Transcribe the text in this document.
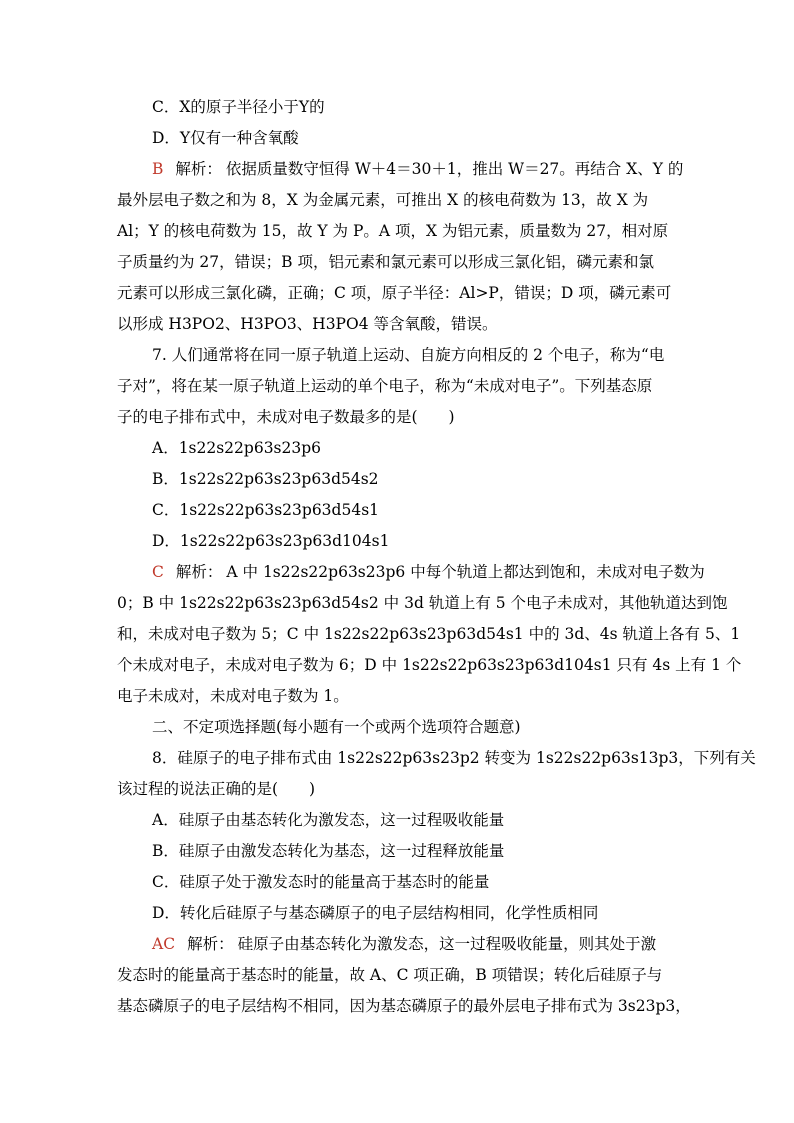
C．X的原子半径小于Y的
D．Y仅有一种含氧酸
B 解析： 依据质量数守恒得 W＋4＝30＋1，推出 W＝27。再结合 X、Y 的
最外层电子数之和为 8，X 为金属元素，可推出 X 的核电荷数为 13，故 X 为
Al；Y 的核电荷数为 15，故 Y 为 P。A 项，X 为铝元素，质量数为 27，相对原
子质量约为 27，错误；B 项，铝元素和氯元素可以形成三氯化铝，磷元素和氯
元素可以形成三氯化磷，正确；C 项，原子半径：Al>P，错误；D 项，磷元素可
以形成 H3PO2、H3PO3、H3PO4 等含氧酸，错误。
7. 人们通常将在同一原子轨道上运动、自旋方向相反的 2 个电子，称为“电
子对”，将在某一原子轨道上运动的单个电子，称为“未成对电子”。下列基态原
子的电子排布式中，未成对电子数最多的是(　　)
A．1s22s22p63s23p6
B．1s22s22p63s23p63d54s2
C．1s22s22p63s23p63d54s1
D．1s22s22p63s23p63d104s1
C 解析： A 中 1s22s22p63s23p6 中每个轨道上都达到饱和，未成对电子数为
0；B 中 1s22s22p63s23p63d54s2 中 3d 轨道上有 5 个电子未成对，其他轨道达到饱
和，未成对电子数为 5；C 中 1s22s22p63s23p63d54s1 中的 3d、4s 轨道上各有 5、1
个未成对电子，未成对电子数为 6；D 中 1s22s22p63s23p63d104s1 只有 4s 上有 1 个
电子未成对，未成对电子数为 1。
二、不定项选择题(每小题有一个或两个选项符合题意)
8．硅原子的电子排布式由 1s22s22p63s23p2 转变为 1s22s22p63s13p3，下列有关
该过程的说法正确的是(　　)
A．硅原子由基态转化为激发态，这一过程吸收能量
B．硅原子由激发态转化为基态，这一过程释放能量
C．硅原子处于激发态时的能量高于基态时的能量
D．转化后硅原子与基态磷原子的电子层结构相同，化学性质相同
AC 解析： 硅原子由基态转化为激发态，这一过程吸收能量，则其处于激
发态时的能量高于基态时的能量，故 A、C 项正确，B 项错误；转化后硅原子与
基态磷原子的电子层结构不相同，因为基态磷原子的最外层电子排布式为 3s23p3，
